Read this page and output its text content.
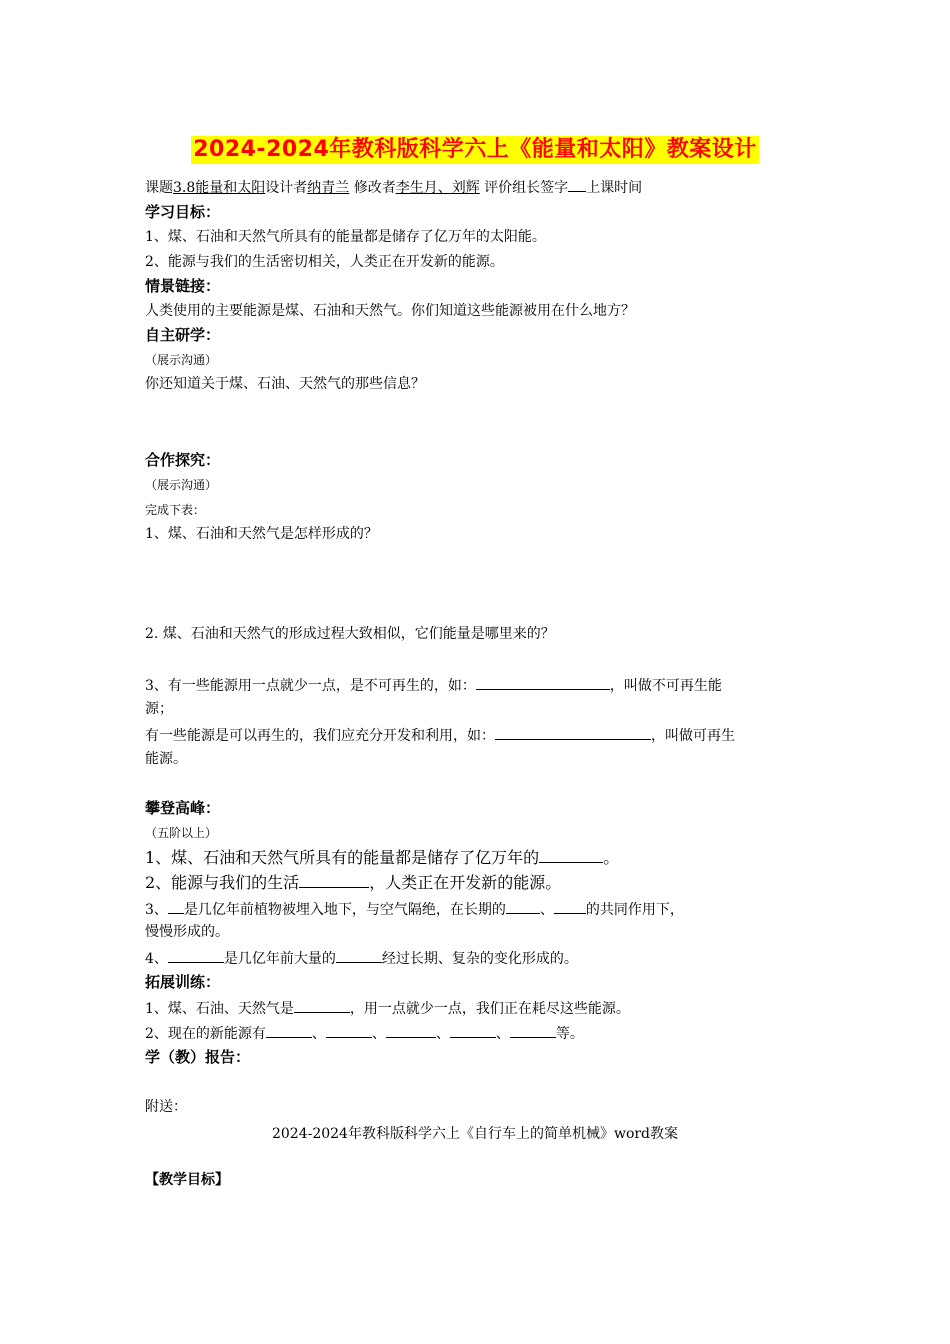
2024-2024年教科版科学六上《能量和太阳》教案设计
课题3.8能量和太阳设计者纳青兰 修改者李生月、刘辉 评价组长签字 上课时间
学习目标：
1、煤、石油和天然气所具有的能量都是储存了亿万年的太阳能。
2、能源与我们的生活密切相关，人类正在开发新的能源。
情景链接：
人类使用的主要能源是煤、石油和天然气。你们知道这些能源被用在什么地方？
自主研学：
（展示沟通）
你还知道关于煤、石油、天然气的那些信息？
合作探究：
（展示沟通）
完成下表：
1、煤、石油和天然气是怎样形成的？
2. 煤、石油和天然气的形成过程大致相似，它们能量是哪里来的？
3、有一些能源用一点就少一点，是不可再生的，如：	，叫做不可再生能
源；
有一些能源是可以再生的，我们应充分开发和利用，如：	，叫做可再生
能源。
攀登高峰：
（五阶以上）
1、煤、石油和天然气所具有的能量都是储存了亿万年的	。
2、能源与我们的生活	，人类正在开发新的能源。
3、 是几亿年前植物被埋入地下，与空气隔绝，在长期的 、 的共同作用下，
慢慢形成的。
4、	是几亿年前大量的	经过长期、复杂的变化形成的。
拓展训练：
1、煤、石油、天然气是	，用一点就少一点，我们正在耗尽这些能源。
2、现在的新能源有	、	、	、	、	等。
学（教）报告：
附送：
2024-2024年教科版科学六上《自行车上的简单机械》word教案
【教学目标】
